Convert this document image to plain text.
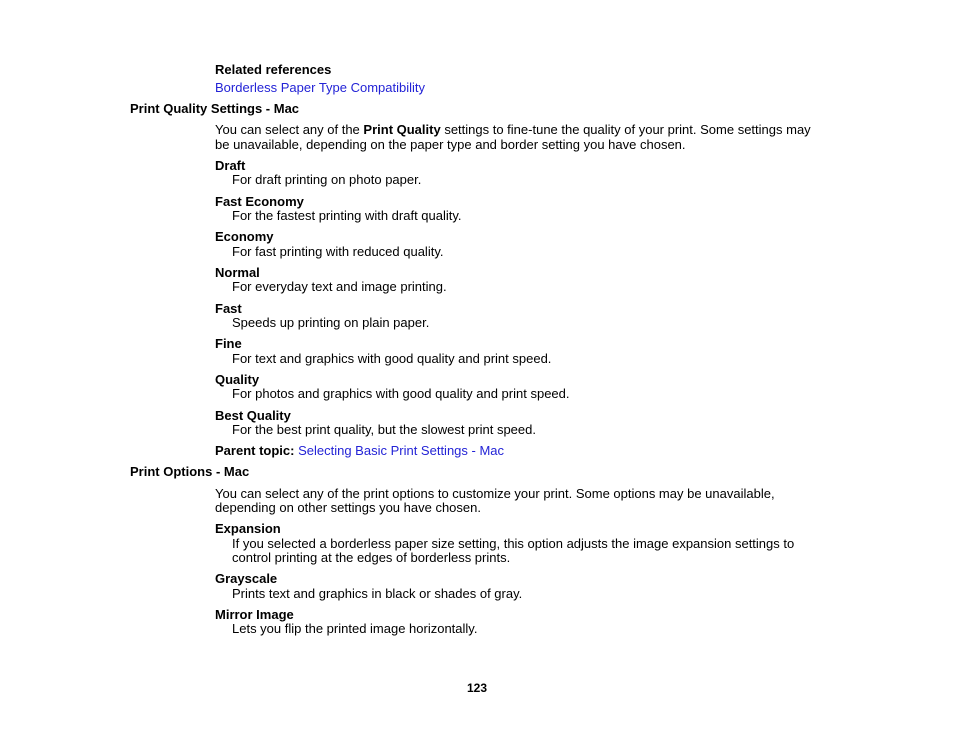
Related references
Borderless Paper Type Compatibility
Print Quality Settings - Mac
You can select any of the Print Quality settings to fine-tune the quality of your print. Some settings may
be unavailable, depending on the paper type and border setting you have chosen.
Draft
For draft printing on photo paper.
Fast Economy
For the fastest printing with draft quality.
Economy
For fast printing with reduced quality.
Normal
For everyday text and image printing.
Fast
Speeds up printing on plain paper.
Fine
For text and graphics with good quality and print speed.
Quality
For photos and graphics with good quality and print speed.
Best Quality
For the best print quality, but the slowest print speed.
Parent topic: Selecting Basic Print Settings - Mac
Print Options - Mac
You can select any of the print options to customize your print. Some options may be unavailable,
depending on other settings you have chosen.
Expansion
If you selected a borderless paper size setting, this option adjusts the image expansion settings to
control printing at the edges of borderless prints.
Grayscale
Prints text and graphics in black or shades of gray.
Mirror Image
Lets you flip the printed image horizontally.
123
